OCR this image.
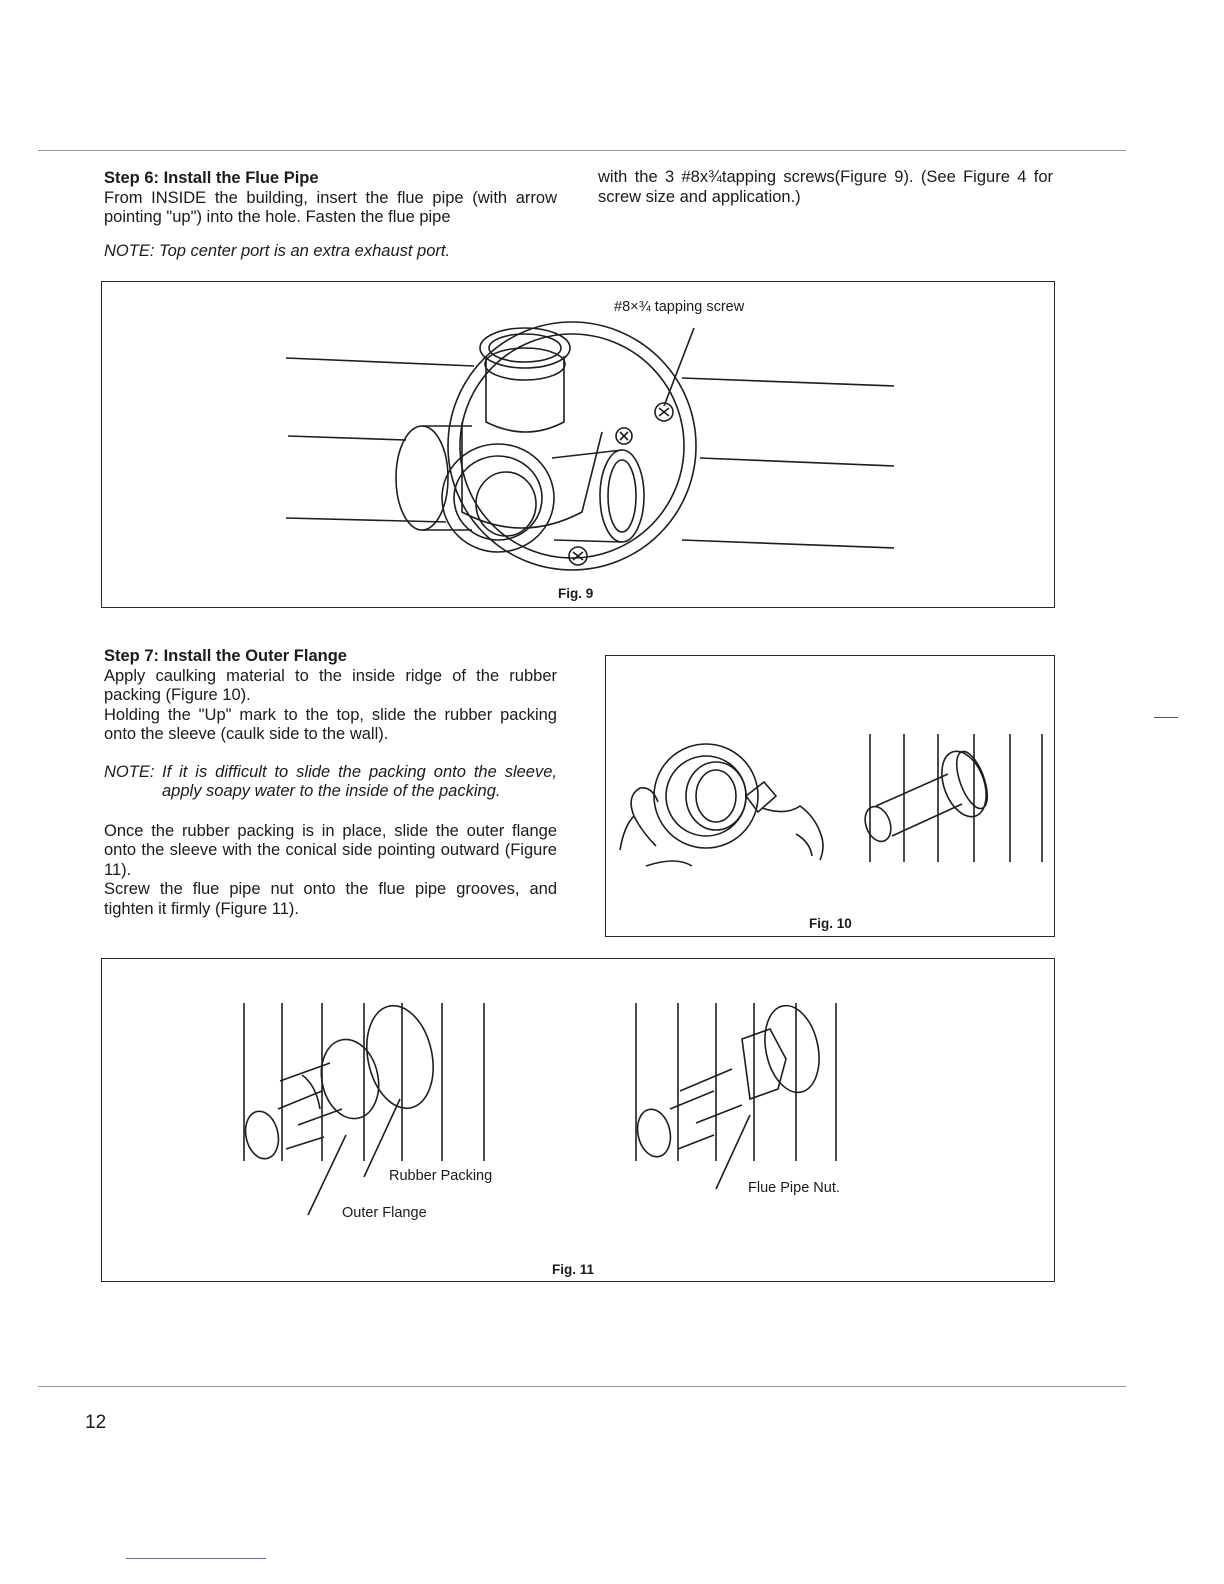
Step 6: Install the Flue Pipe
From INSIDE the building, insert the flue pipe (with arrow pointing "up") into the hole. Fasten the flue pipe
with the 3 #8x¾tapping screws(Figure 9). (See Figure 4 for screw size and application.)
NOTE: Top center port is an extra exhaust port.
#8×¾ tapping screw
Fig. 9
Step 7: Install the Outer Flange
Apply caulking material to the inside ridge of the rubber packing (Figure 10).
Holding the "Up" mark to the top, slide the rubber packing onto the sleeve (caulk side to the wall).
NOTE: If it is difficult to slide the packing onto the sleeve, apply soapy water to the inside of the packing.
Once the rubber packing is in place, slide the outer flange onto the sleeve with the conical side pointing outward (Figure 11).
Screw the flue pipe nut onto the flue pipe grooves, and tighten it firmly (Figure 11).
Fig. 10
Rubber Packing
Outer Flange
Flue Pipe Nut.
Fig. 11
12
